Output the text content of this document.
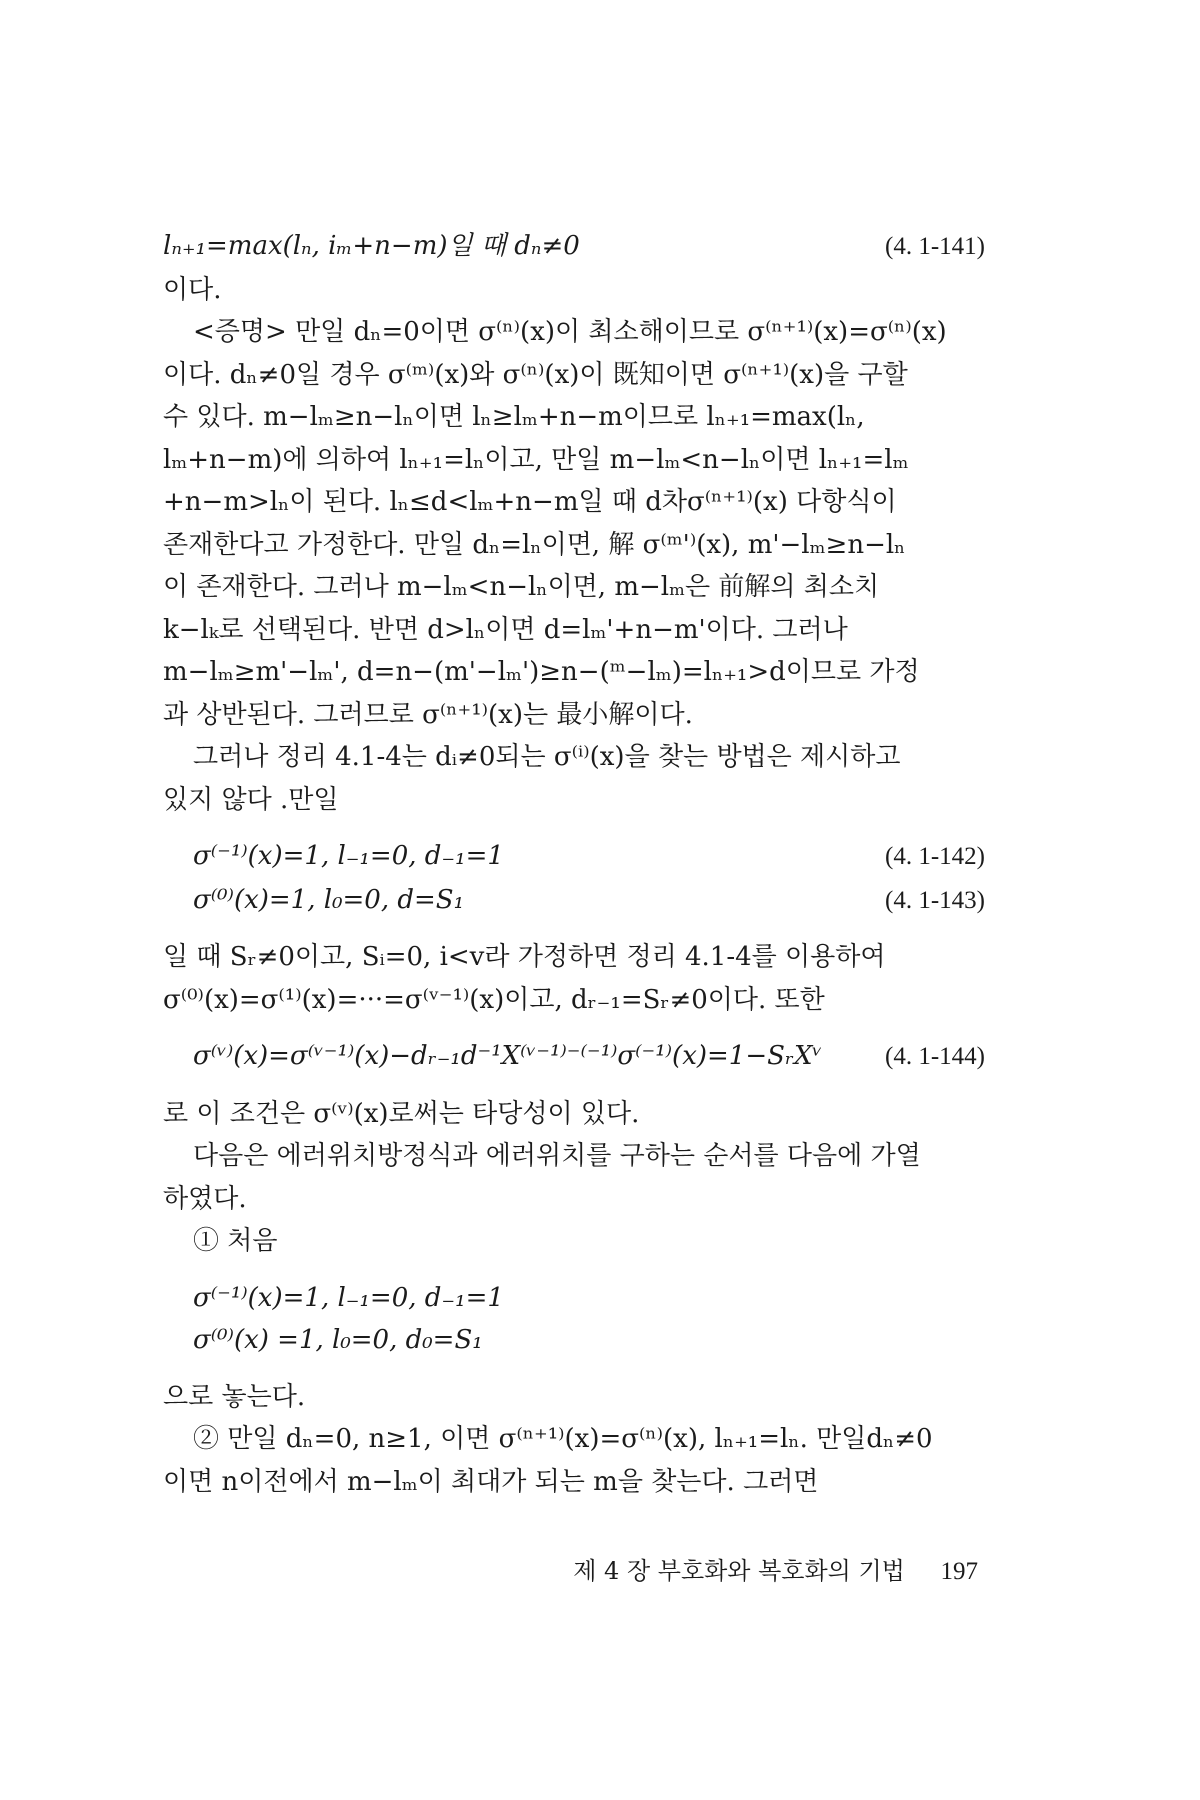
lₙ₊₁=max(lₙ, iₘ+n−m)일 때 dₙ≠0	(4. 1-141)
이다.
<증명> 만일 dₙ=0이면 σ⁽ⁿ⁾(x)이 최소해이므로 σ⁽ⁿ⁺¹⁾(x)=σ⁽ⁿ⁾(x)
이다. dₙ≠0일 경우 σ⁽ᵐ⁾(x)와 σ⁽ⁿ⁾(x)이 既知이면 σ⁽ⁿ⁺¹⁾(x)을 구할
수 있다. m−lₘ≥n−lₙ이면 lₙ≥lₘ+n−m이므로 lₙ₊₁=max(lₙ,
lₘ+n−m)에 의하여 lₙ₊₁=lₙ이고, 만일 m−lₘ<n−lₙ이면 lₙ₊₁=lₘ
+n−m>lₙ이 된다. lₙ≤d<lₘ+n−m일 때 d차σ⁽ⁿ⁺¹⁾(x) 다항식이
존재한다고 가정한다. 만일 dₙ=lₙ이면, 解 σ⁽ᵐ'⁾(x), m'−lₘ≥n−lₙ
이 존재한다. 그러나 m−lₘ<n−lₙ이면, m−lₘ은 前解의 최소치
k−lₖ로 선택된다. 반면 d>lₙ이면 d=lₘ'+n−m'이다. 그러나
m−lₘ≥m'−lₘ', d=n−(m'−lₘ')≥n−(ᵐ−lₘ)=lₙ₊₁>d이므로 가정
과 상반된다. 그러므로 σ⁽ⁿ⁺¹⁾(x)는 最小解이다.
그러나 정리 4.1-4는 dᵢ≠0되는 σ⁽ⁱ⁾(x)을 찾는 방법은 제시하고
있지 않다 .만일
σ⁽⁻¹⁾(x)=1, l₋₁=0, d₋₁=1	(4. 1-142)
σ⁽⁰⁾(x)=1, l₀=0, d=S₁	(4. 1-143)
일 때 Sᵣ≠0이고, Sᵢ=0, i<v라 가정하면 정리 4.1-4를 이용하여
σ⁽⁰⁾(x)=σ⁽¹⁾(x)=···=σ⁽ᵛ⁻¹⁾(x)이고, dᵣ₋₁=Sᵣ≠0이다. 또한
σ⁽ᵛ⁾(x)=σ⁽ᵛ⁻¹⁾(x)−dᵣ₋₁d⁻¹X⁽ᵛ⁻¹⁾⁻⁽⁻¹⁾σ⁽⁻¹⁾(x)=1−SᵣXᵛ	(4. 1-144)
로 이 조건은 σ⁽ᵛ⁾(x)로써는 타당성이 있다.
다음은 에러위치방정식과 에러위치를 구하는 순서를 다음에 가열
하였다.
① 처음
σ⁽⁻¹⁾(x)=1, l₋₁=0, d₋₁=1
σ⁽⁰⁾(x) =1, l₀=0, d₀=S₁
으로 놓는다.
② 만일 dₙ=0, n≥1, 이면 σ⁽ⁿ⁺¹⁾(x)=σ⁽ⁿ⁾(x), lₙ₊₁=lₙ. 만일dₙ≠0
이면 n이전에서 m−lₘ이 최대가 되는 m을 찾는다. 그러면
제 4 장 부호화와 복호화의 기법 197
